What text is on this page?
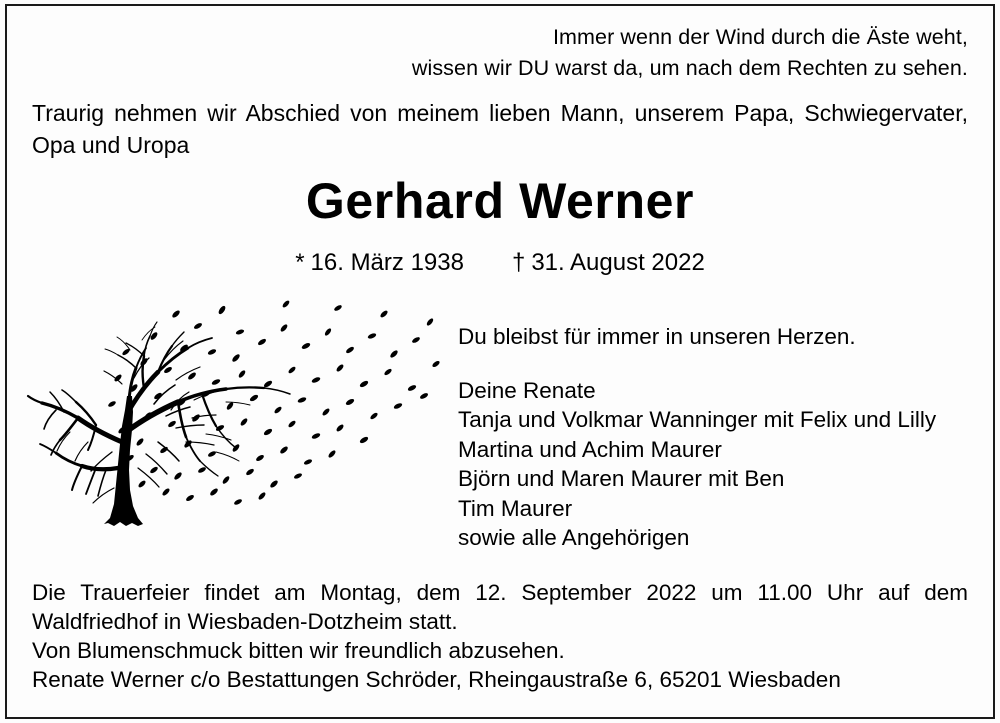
Immer wenn der Wind durch die Äste weht,
wissen wir DU warst da, um nach dem Rechten zu sehen.
Traurig nehmen wir Abschied von meinem lieben Mann, unserem Papa, Schwiegervater,
Opa und Uropa
Gerhard Werner
* 16. März 1938 † 31. August 2022
Du bleibst für immer in unseren Herzen.
Deine Renate
Tanja und Volkmar Wanninger mit Felix und Lilly
Martina und Achim Maurer
Björn und Maren Maurer mit Ben
Tim Maurer
sowie alle Angehörigen
Die Trauerfeier findet am Montag, dem 12. September 2022 um 11.00 Uhr auf dem
Waldfriedhof in Wiesbaden-Dotzheim statt.
Von Blumenschmuck bitten wir freundlich abzusehen.
Renate Werner c/o Bestattungen Schröder, Rheingaustraße 6, 65201 Wiesbaden
